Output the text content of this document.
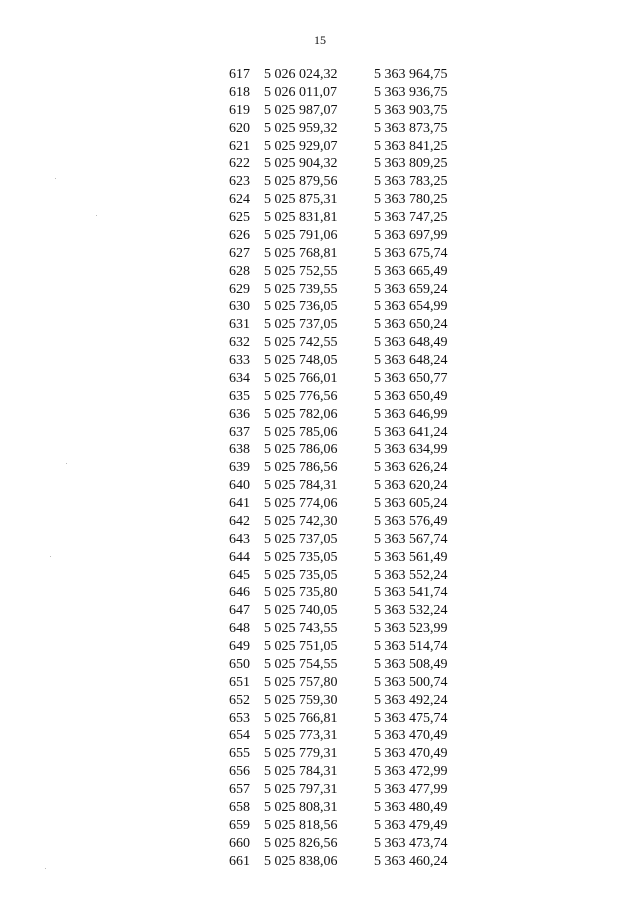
15
617	5 026 024,32	5 363 964,75
618	5 026 011,07	5 363 936,75
619	5 025 987,07	5 363 903,75
620	5 025 959,32	5 363 873,75
621	5 025 929,07	5 363 841,25
622	5 025 904,32	5 363 809,25
623	5 025 879,56	5 363 783,25
624	5 025 875,31	5 363 780,25
625	5 025 831,81	5 363 747,25
626	5 025 791,06	5 363 697,99
627	5 025 768,81	5 363 675,74
628	5 025 752,55	5 363 665,49
629	5 025 739,55	5 363 659,24
630	5 025 736,05	5 363 654,99
631	5 025 737,05	5 363 650,24
632	5 025 742,55	5 363 648,49
633	5 025 748,05	5 363 648,24
634	5 025 766,01	5 363 650,77
635	5 025 776,56	5 363 650,49
636	5 025 782,06	5 363 646,99
637	5 025 785,06	5 363 641,24
638	5 025 786,06	5 363 634,99
639	5 025 786,56	5 363 626,24
640	5 025 784,31	5 363 620,24
641	5 025 774,06	5 363 605,24
642	5 025 742,30	5 363 576,49
643	5 025 737,05	5 363 567,74
644	5 025 735,05	5 363 561,49
645	5 025 735,05	5 363 552,24
646	5 025 735,80	5 363 541,74
647	5 025 740,05	5 363 532,24
648	5 025 743,55	5 363 523,99
649	5 025 751,05	5 363 514,74
650	5 025 754,55	5 363 508,49
651	5 025 757,80	5 363 500,74
652	5 025 759,30	5 363 492,24
653	5 025 766,81	5 363 475,74
654	5 025 773,31	5 363 470,49
655	5 025 779,31	5 363 470,49
656	5 025 784,31	5 363 472,99
657	5 025 797,31	5 363 477,99
658	5 025 808,31	5 363 480,49
659	5 025 818,56	5 363 479,49
660	5 025 826,56	5 363 473,74
661	5 025 838,06	5 363 460,24
